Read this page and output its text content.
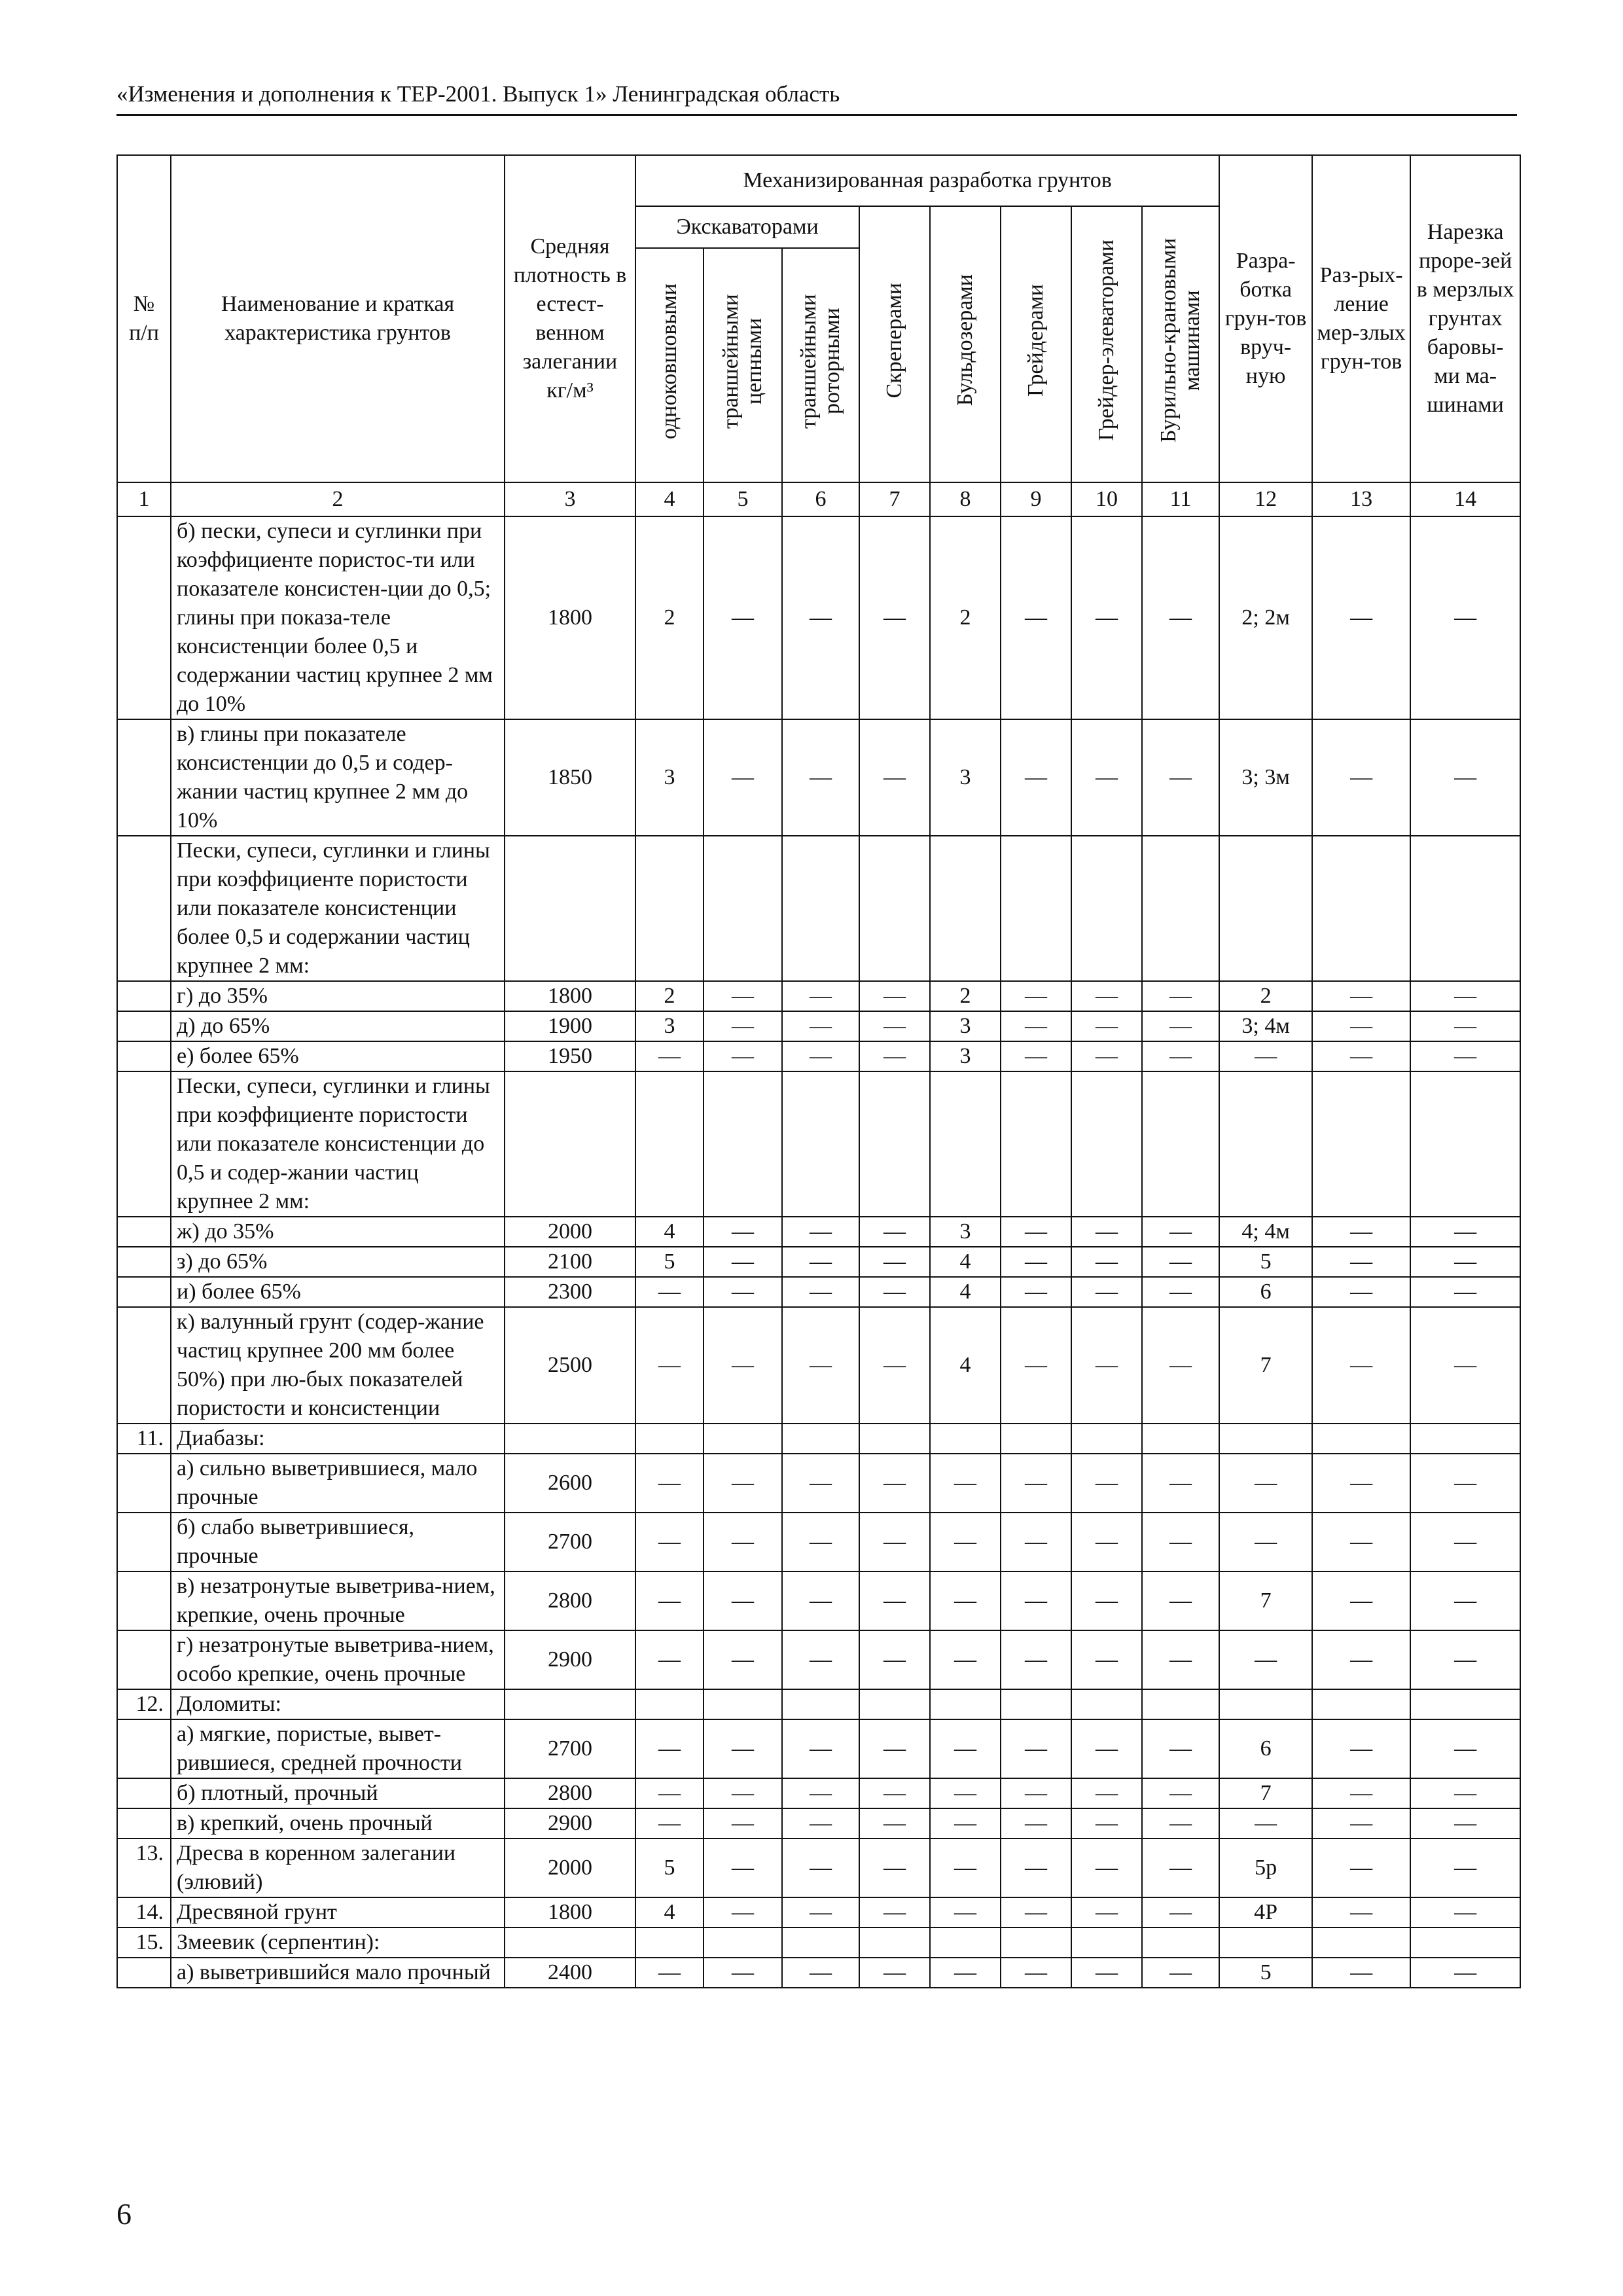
«Изменения и дополнения к ТЕР-2001. Выпуск 1» Ленинградская область
№ п/п	Наименование и краткая характеристика грунтов	Средняя плотность в естест-венном залегании кг/м³	Механизированная разработка грунтов								Разра-ботка грун-тов вруч-ную	Раз-рых-ление мер-злых грун-тов	Нарезка проре-зей в мерзлых грунтах баровы-ми ма-шинами
			Экскаваторами			Скреперами	Бульдозерами	Грейдерами	Грейдер-элеваторами	Бурильно-крановыми машинами			
			одноковшовыми	траншейными цепными	траншейными роторными								
1	2	3	4	5	6	7	8	9	10	11	12	13	14
	б) пески, супеси и суглинки при коэффициенте пористос-ти или показателе консистен-ции до 0,5; глины при показа-теле консистенции более 0,5 и содержании частиц крупнее 2 мм до 10%	1800	2	—	—	—	2	—	—	—	2; 2м	—	—
	в) глины при показателе консистенции до 0,5 и содер-жании частиц крупнее 2 мм до 10%	1850	3	—	—	—	3	—	—	—	3; 3м	—	—
	Пески, супеси, суглинки и глины при коэффициенте пористости или показателе консистенции более 0,5 и содержании частиц крупнее 2 мм:												
	г) до 35%	1800	2	—	—	—	2	—	—	—	2	—	—
	д) до 65%	1900	3	—	—	—	3	—	—	—	3; 4м	—	—
	е) более 65%	1950	—	—	—	—	3	—	—	—	—	—	—
	Пески, супеси, суглинки и глины при коэффициенте пористости или показателе консистенции до 0,5 и содер-жании частиц крупнее 2 мм:												
	ж) до 35%	2000	4	—	—	—	3	—	—	—	4; 4м	—	—
	з) до 65%	2100	5	—	—	—	4	—	—	—	5	—	—
	и) более 65%	2300	—	—	—	—	4	—	—	—	6	—	—
	к) валунный грунт (содер-жание частиц крупнее 200 мм более 50%) при лю-бых показателей пористости и консистенции	2500	—	—	—	—	4	—	—	—	7	—	—
11.	Диабазы:												
	а) сильно выветрившиеся, мало прочные	2600	—	—	—	—	—	—	—	—	—	—	—
	б) слабо выветрившиеся, прочные	2700	—	—	—	—	—	—	—	—	—	—	—
	в) незатронутые выветрива-нием, крепкие, очень прочные	2800	—	—	—	—	—	—	—	—	7	—	—
	г) незатронутые выветрива-нием, особо крепкие, очень прочные	2900	—	—	—	—	—	—	—	—	—	—	—
12.	Доломиты:												
	а) мягкие, пористые, вывет-рившиеся, средней прочности	2700	—	—	—	—	—	—	—	—	6	—	—
	б) плотный, прочный	2800	—	—	—	—	—	—	—	—	7	—	—
	в) крепкий, очень прочный	2900	—	—	—	—	—	—	—	—	—	—	—
13.	Дресва в коренном залегании (элювий)	2000	5	—	—	—	—	—	—	—	5р	—	—
14.	Дресвяной грунт	1800	4	—	—	—	—	—	—	—	4Р	—	—
15.	Змеевик (серпентин):												
	а) выветрившийся мало прочный	2400	—	—	—	—	—	—	—	—	5	—	—
6
